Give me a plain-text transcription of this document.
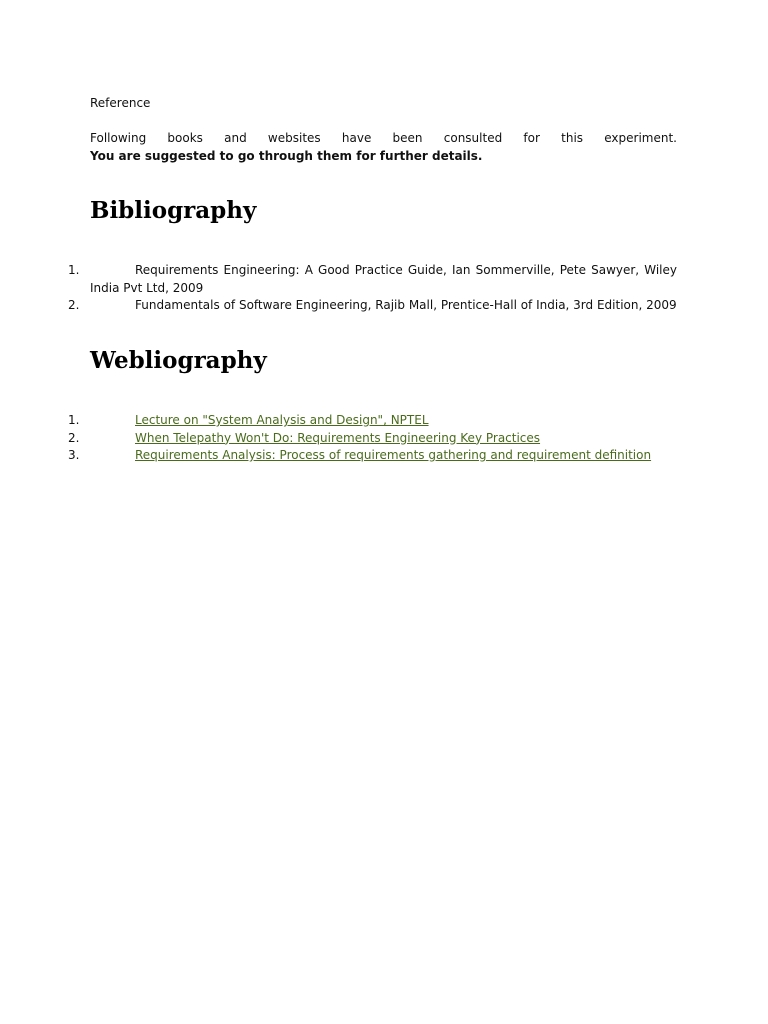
Reference
Following books and websites have been consulted for this experiment.
You are suggested to go through them for further details.
Bibliography
1.	Requirements Engineering: A Good Practice Guide, Ian Sommerville, Pete Sawyer, Wiley India Pvt Ltd, 2009
2.	Fundamentals of Software Engineering, Rajib Mall, Prentice-Hall of India, 3rd Edition, 2009
Webliography
1.	Lecture on "System Analysis and Design", NPTEL
2.	When Telepathy Won't Do: Requirements Engineering Key Practices
3.	Requirements Analysis: Process of requirements gathering and requirement definition
